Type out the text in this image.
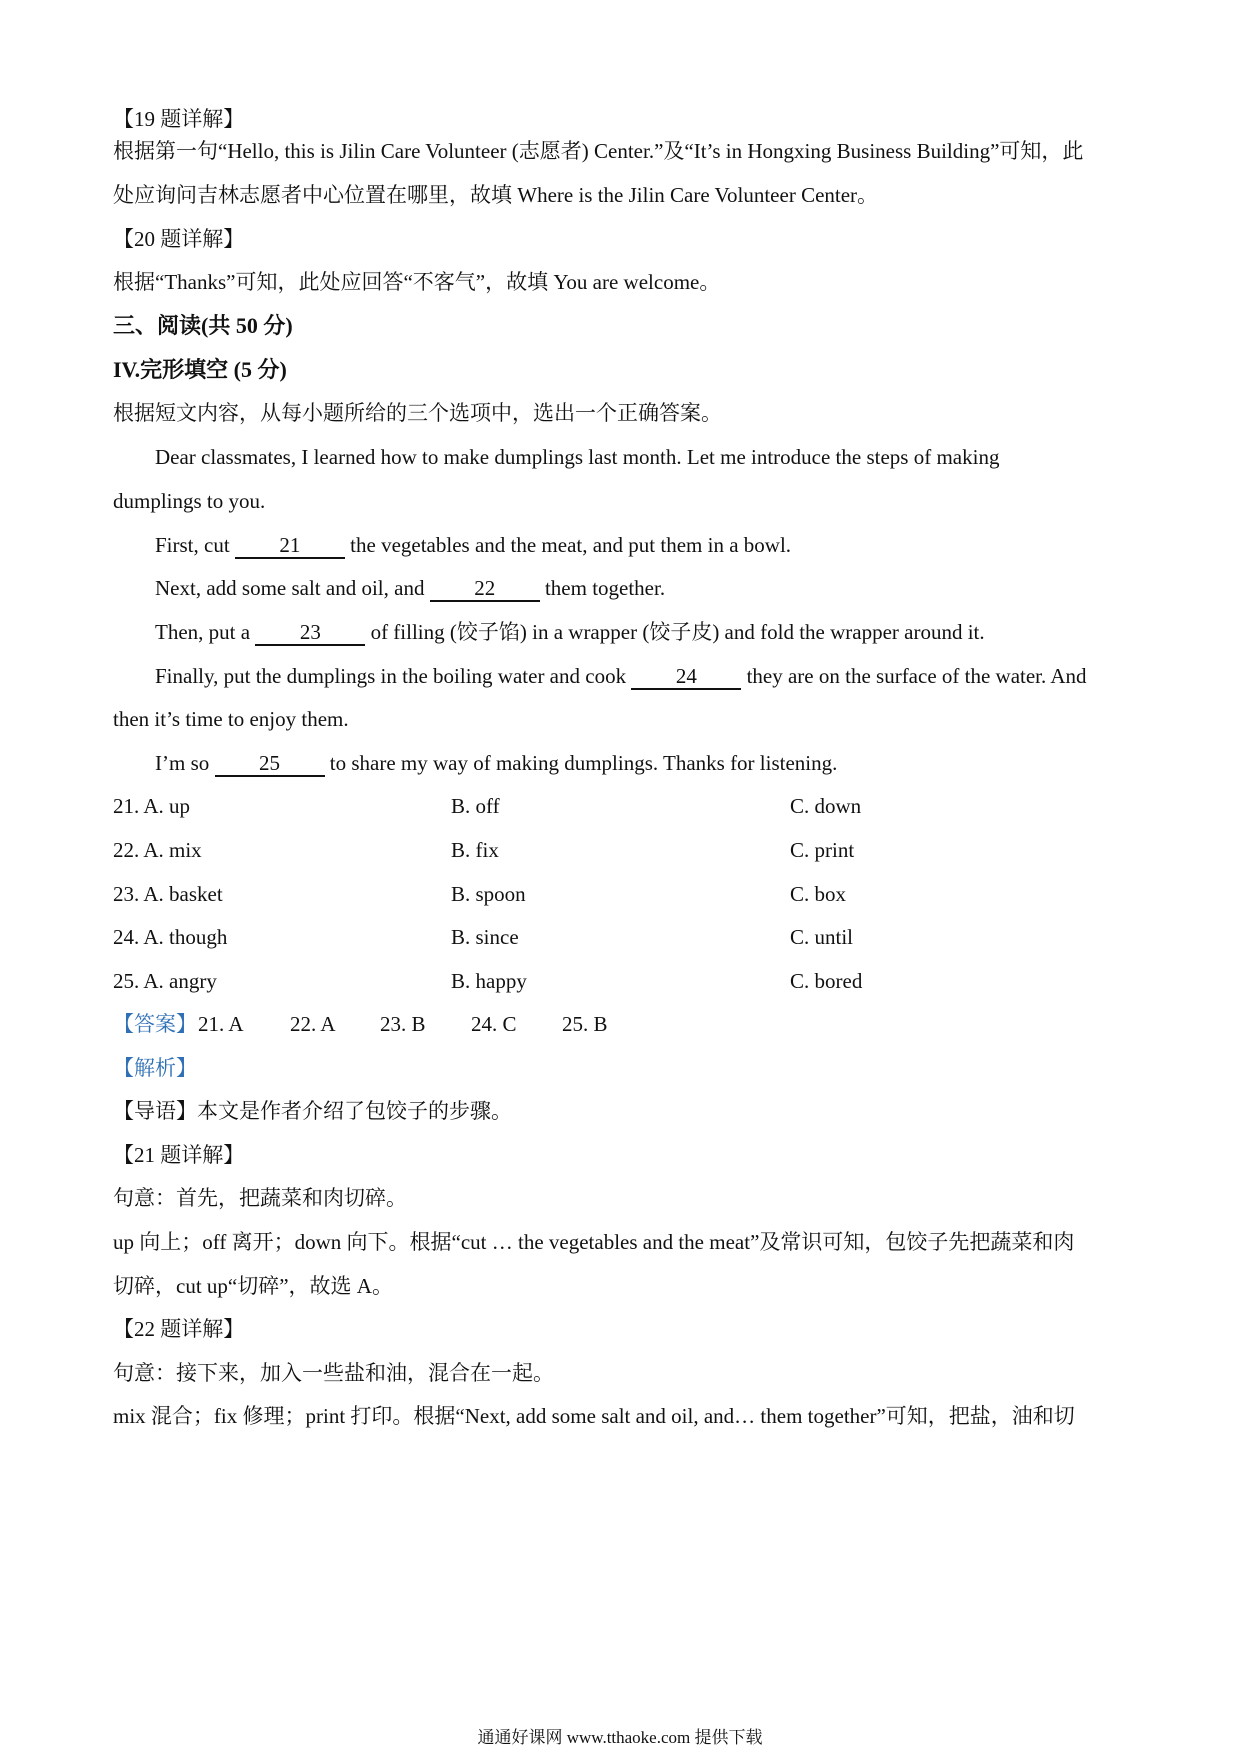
【19 题详解】
根据第一句“Hello, this is Jilin Care Volunteer (志愿者) Center.”及“It’s in Hongxing Business Building”可知，此
处应询问吉林志愿者中心位置在哪里，故填 Where is the Jilin Care Volunteer Center。
【20 题详解】
根据“Thanks”可知，此处应回答“不客气”，故填 You are welcome。
三、阅读(共 50 分)
IV.完形填空 (5 分)
根据短文内容，从每小题所给的三个选项中，选出一个正确答案。
Dear classmates, I learned how to make dumplings last month. Let me introduce the steps of making
dumplings to you.
First, cut 21 the vegetables and the meat, and put them in a bowl.
Next, add some salt and oil, and 22 them together.
Then, put a 23 of filling (饺子馅) in a wrapper (饺子皮) and fold the wrapper around it.
Finally, put the dumplings in the boiling water and cook 24 they are on the surface of the water. And
then it’s time to enjoy them.
I’m so 25 to share my way of making dumplings. Thanks for listening.
21. A. up	B. off	C. down
22. A. mix	B. fix	C. print
23. A. basket	B. spoon	C. box
24. A. though	B. since	C. until
25. A. angry	B. happy	C. bored
【答案】 21. A 22. A 23. B 24. C 25. B
【解析】
【导语】本文是作者介绍了包饺子的步骤。
【21 题详解】
句意：首先，把蔬菜和肉切碎。
up 向上；off 离开；down 向下。根据“cut … the vegetables and the meat”及常识可知，包饺子先把蔬菜和肉
切碎，cut up“切碎”，故选 A。
【22 题详解】
句意：接下来，加入一些盐和油，混合在一起。
mix 混合；fix 修理；print 打印。根据“Next, add some salt and oil, and… them together”可知，把盐，油和切
通通好课网 www.tthaoke.com 提供下载
